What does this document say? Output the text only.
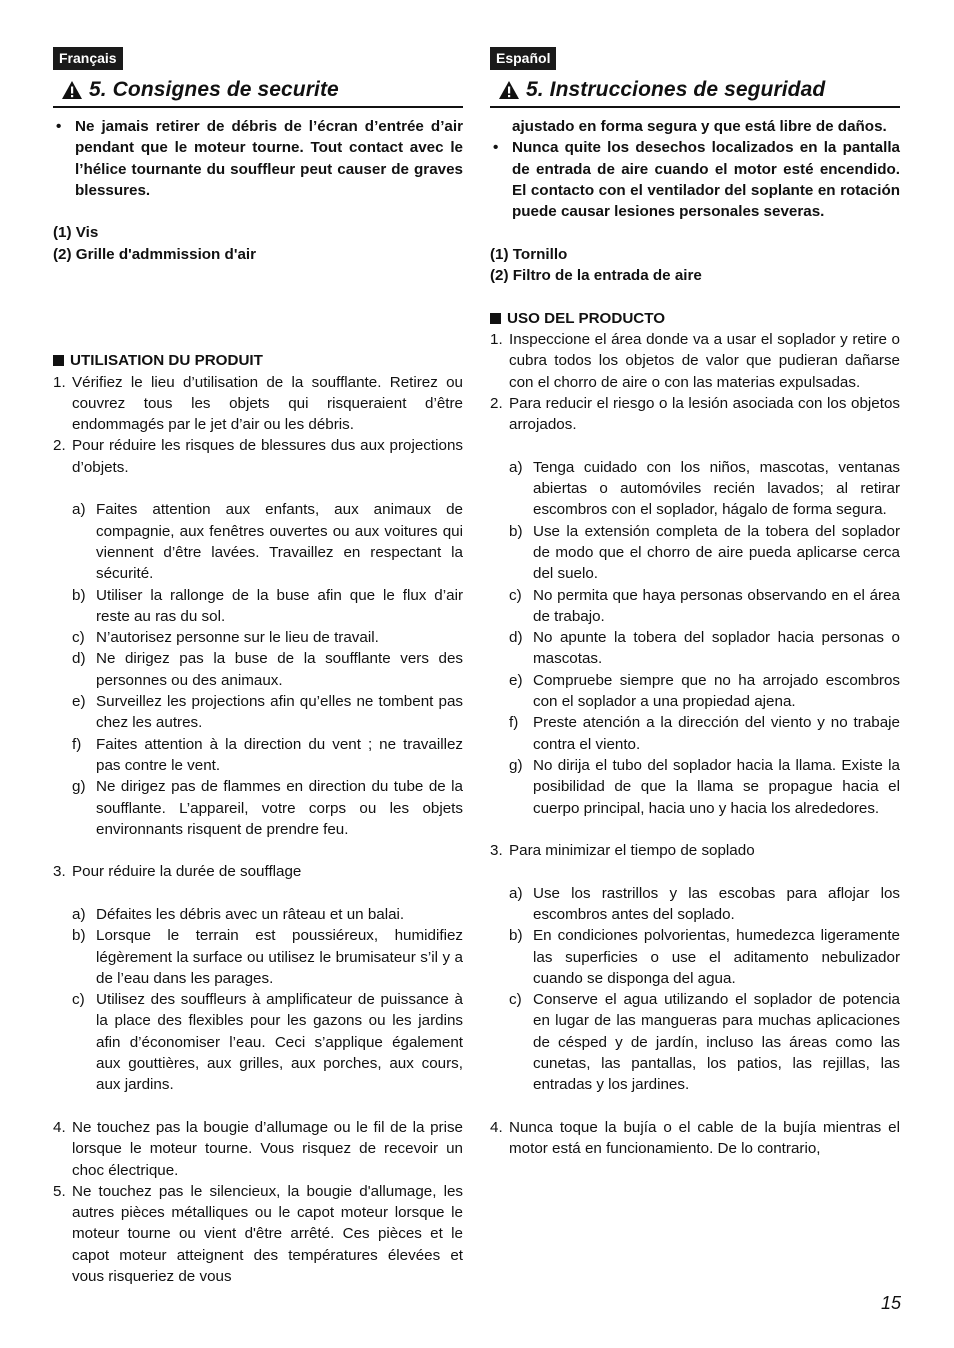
Français
5. Consignes de securite
• Ne jamais retirer de débris de l’écran d’entrée d’air pendant que le moteur tourne. Tout contact avec le l’hélice tournante du souffleur peut causer de graves blessures.

(1) Vis

(2) Grille d'admmission d'air

UTILISATION DU PRODUIT
1. Vérifiez le lieu d’utilisation de la soufflante. Retirez ou couvrez tous les objets qui risqueraient d’être endommagés par le jet d’air ou les débris.
2. Pour réduire les risques de blessures dus aux projections d’objets.
a) Faites attention aux enfants, aux animaux de compagnie, aux fenêtres ouvertes ou aux voitures qui viennent d’être lavées. Travaillez en respectant la sécurité.
b) Utiliser la rallonge de la buse afin que le flux d’air reste au ras du sol.
c) N’autorisez personne sur le lieu de travail.
d) Ne dirigez pas la buse de la soufflante vers des personnes ou des animaux.
e) Surveillez les projections afin qu’elles ne tombent pas chez les autres.
f) Faites attention à la direction du vent ; ne travaillez pas contre le vent.
g) Ne dirigez pas de flammes en direction du tube de la soufflante. L’appareil, votre corps ou les objets environnants risquent de prendre feu.
3. Pour réduire la durée de soufflage
a) Défaites les débris avec un râteau et un balai.
b) Lorsque le terrain est poussiéreux, humidifiez légèrement la surface ou utilisez le brumisateur s’il y a de l’eau dans les parages.
c) Utilisez des souffleurs à amplificateur de puissance à la place des flexibles pour les gazons ou les jardins afin d’économiser l’eau. Ceci s’applique également aux gouttières, aux grilles, aux porches, aux cours, aux jardins.
4. Ne touchez pas la bougie d’allumage ou le fil de la prise lorsque le moteur tourne. Vous risquez de recevoir un choc électrique.
5. Ne touchez pas le silencieux, la bougie d'allumage, les autres pièces métalliques ou le capot moteur lorsque le moteur tourne ou vient d'être arrêté. Ces pièces et le capot moteur atteignent des températures élevées et vous risqueriez de vous
Español
5. Instrucciones de seguridad
ajustado en forma segura y que está libre de daños.
• Nunca quite los desechos localizados en la pantalla de entrada de aire cuando el motor esté encendido. El contacto con el ventilador del soplante en rotación puede causar lesiones personales severas.

(1) Tornillo

(2) Filtro de la entrada de aire

USO DEL PRODUCTO
1. Inspeccione el área donde va a usar el soplador y retire o cubra todos los objetos de valor que pudieran dañarse con el chorro de aire o con las materias expulsadas.
2. Para reducir el riesgo o la lesión asociada con los objetos arrojados.
a) Tenga cuidado con los niños, mascotas, ventanas abiertas o automóviles recién lavados; al retirar escombros con el soplador, hágalo de forma segura.
b) Use la extensión completa de la tobera del soplador de modo que el chorro de aire pueda aplicarse cerca del suelo.
c) No permita que haya personas observando en el área de trabajo.
d) No apunte la tobera del soplador hacia personas o mascotas.
e) Compruebe siempre que no ha arrojado escombros con el soplador a una propiedad ajena.
f) Preste atención a la dirección del viento y no trabaje contra el viento.
g) No dirija el tubo del soplador hacia la llama. Existe la posibilidad de que la llama se propague hacia el cuerpo principal, hacia uno y hacia los alrededores.
3. Para minimizar el tiempo de soplado
a) Use los rastrillos y las escobas para aflojar los escombros antes del soplado.
b) En condiciones polvorientas, humedezca ligeramente las superficies o use el aditamento nebulizador cuando se disponga del agua.
c) Conserve el agua utilizando el soplador de potencia en lugar de las mangueras para muchas aplicaciones de césped y de jardín, incluso las áreas como las cunetas, las pantallas, los patios, las rejillas, las entradas y los jardines.
4. Nunca toque la bujía o el cable de la bujía mientras el motor está en funcionamiento. De lo contrario,
15
